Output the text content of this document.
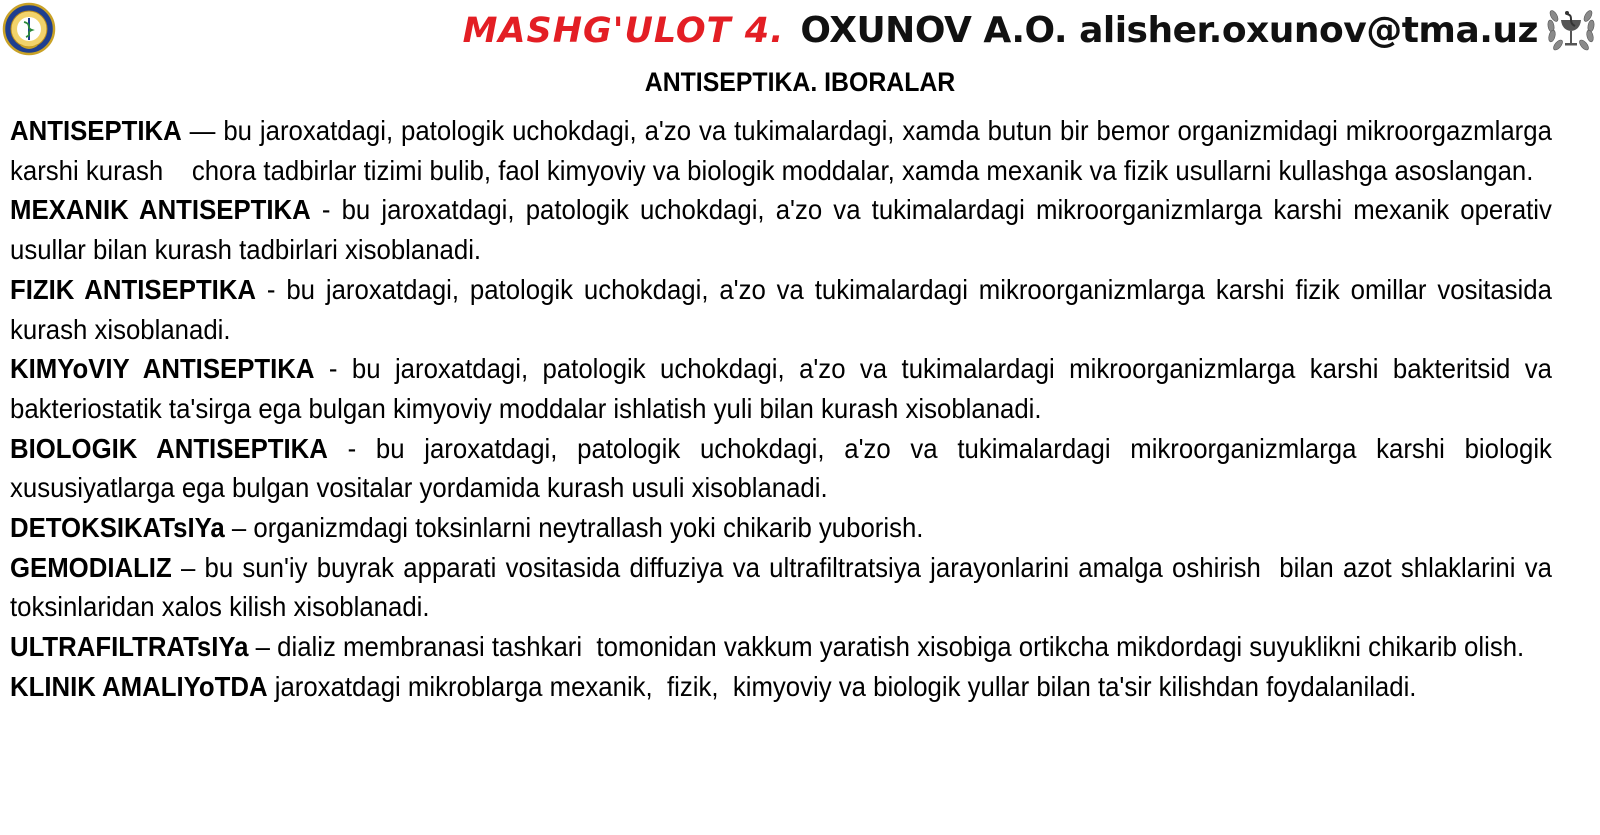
MASHG'ULOT 4. OXUNOV A.O. alisher.oxunov@tma.uz
ANTISEPTIKA. IBORALAR

ANTISEPTIKA — bu jaroxatdagi, patologik uchokdagi, a'zo va tukimalardagi, xamda butun bir bemor organizmidagi mikroorgazmlarga karshi kurash    chora tadbirlar tizimi bulib, faol kimyoviy va biologik moddalar, xamda mexanik va fizik usullarni kullashga asoslangan.

MEXANIK ANTISEPTIKA - bu jaroxatdagi, patologik uchokdagi, a'zo va tukimalardagi mikroorganizmlarga karshi mexanik operativ usullar bilan kurash tadbirlari xisoblanadi.

FIZIK ANTISEPTIKA - bu jaroxatdagi, patologik uchokdagi, a'zo va tukimalardagi mikroorganizmlarga karshi fizik omillar vositasida kurash xisoblanadi.

KIMYoVIY ANTISEPTIKA - bu jaroxatdagi, patologik uchokdagi, a'zo va tukimalardagi mikroorganizmlarga karshi bakteritsid va bakteriostatik ta'sirga ega bulgan kimyoviy moddalar ishlatish yuli bilan kurash xisoblanadi.

BIOLOGIK ANTISEPTIKA - bu jaroxatdagi, patologik uchokdagi, a'zo va tukimalardagi mikroorganizmlarga karshi biologik xususiyatlarga ega bulgan vositalar yordamida kurash usuli xisoblanadi.

DETOKSIKATsIYa – organizmdagi toksinlarni neytrallash yoki chikarib yuborish.

GEMODIALIZ – bu sun'iy buyrak apparati vositasida diffuziya va ultrafiltratsiya jarayonlarini amalga oshirish  bilan azot shlaklarini va toksinlaridan xalos kilish xisoblanadi.

ULTRAFILTRATsIYa – dializ membranasi tashkari  tomonidan vakkum yaratish xisobiga ortikcha mikdordagi suyuklikni chikarib olish.

KLINIK AMALIYoTDA jaroxatdagi mikroblarga mexanik,  fizik,  kimyoviy va biologik yullar bilan ta'sir kilishdan foydalaniladi.
